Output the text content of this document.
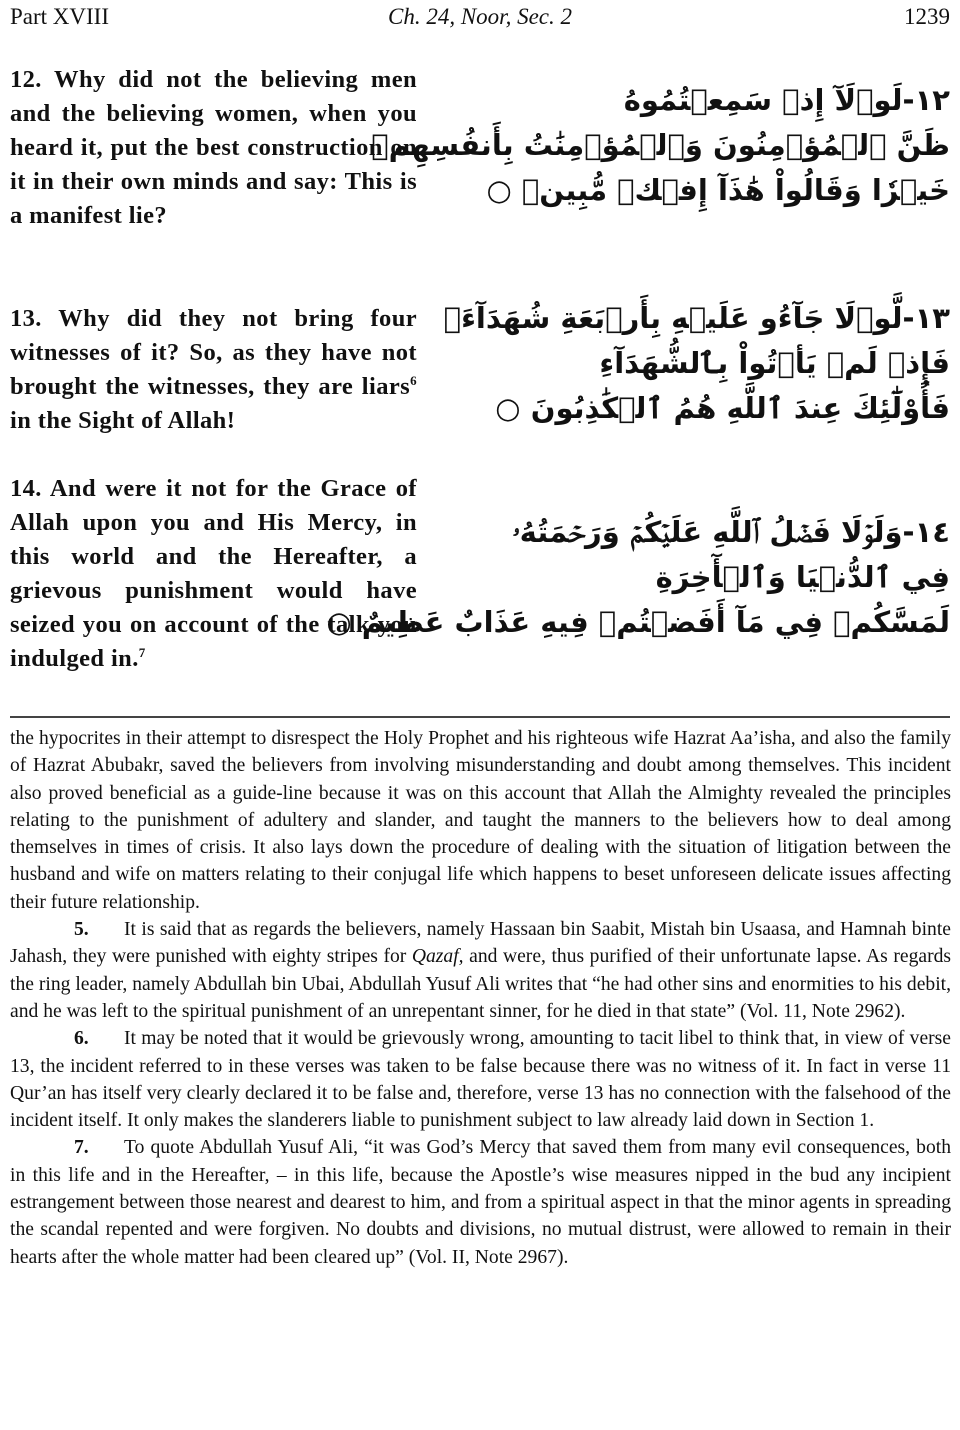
Part XVIII	Ch. 24, Noor, Sec. 2	1239
12. Why did not the believing men and the believing women, when you heard it, put the best construction on it in their own minds and say: This is a manifest lie?
١٢-لَوۡلَآ إِذۡ سَمِعۡتُمُوهُ
ظَنَّ ٱلۡمُؤۡمِنُونَ وَٱلۡمُؤۡمِنَٰتُ بِأَنفُسِهِمۡ
خَيۡرٗا وَقَالُواْ هَٰذَآ إِفۡكٞ مُّبِينٞ ○
13. Why did they not bring four witnesses of it? So, as they have not brought the witnesses, they are liars$^6$ in the Sight of Allah!
١٣-لَّوۡلَا جَآءُو عَلَيۡهِ بِأَرۡبَعَةِ شُهَدَآءَۚ
فَإِذۡ لَمۡ يَأۡتُواْ بِٱلشُّهَدَآءِ
فَأُوْلَٰٓئِكَ عِندَ ٱللَّهِ هُمُ ٱلۡكَٰذِبُونَ ○
14. And were it not for the Grace of Allah upon you and His Mercy, in this world and the Hereafter, a grievous punishment would have seized you on account of the talk you indulged in.$^7$
١٤-وَلَوۡلَا فَضۡلُ ٱللَّهِ عَلَيۡكُمۡ وَرَحۡمَتُهُۥ
فِي ٱلدُّنۡيَا وَٱلۡأٓخِرَةِ
لَمَسَّكُمۡ فِي مَآ أَفَضۡتُمۡ فِيهِ عَذَابٌ عَظِيمٌ ○

the hypocrites in their attempt to disrespect the Holy Prophet and his righteous wife Hazrat Aa’isha, and also the family of Hazrat Abubakr, saved the believers from involving misunderstanding and doubt among themselves. This incident also proved beneficial as a guide-line because it was on this account that Allah the Almighty revealed the principles relating to the punishment of adultery and slander, and taught the manners to the believers how to deal among themselves in times of crisis. It also lays down the procedure of dealing with the situation of litigation between the husband and wife on matters relating to their conjugal life which happens to beset unforeseen delicate issues affecting their future relationship.

5. It is said that as regards the believers, namely Hassaan bin Saabit, Mistah bin Usaasa, and Hamnah binte Jahash, they were punished with eighty stripes for Qazaf, and were, thus purified of their unfortunate lapse. As regards the ring leader, namely Abdullah bin Ubai, Abdullah Yusuf Ali writes that “he had other sins and enormities to his debit, and he was left to the spiritual punishment of an unrepentant sinner, for he died in that state” (Vol. 11, Note 2962).

6. It may be noted that it would be grievously wrong, amounting to tacit libel to think that, in view of verse 13, the incident referred to in these verses was taken to be false because there was no witness of it. In fact in verse 11 Qur’an has itself very clearly declared it to be false and, therefore, verse 13 has no connection with the falsehood of the incident itself. It only makes the slanderers liable to punishment subject to law already laid down in Section 1.

7. To quote Abdullah Yusuf Ali, “it was God’s Mercy that saved them from many evil consequences, both in this life and in the Hereafter, – in this life, because the Apostle’s wise measures nipped in the bud any incipient estrangement between those nearest and dearest to him, and from a spiritual aspect in that the minor agents in spreading the scandal repented and were forgiven. No doubts and divisions, no mutual distrust, were allowed to remain in their hearts after the whole matter had been cleared up” (Vol. II, Note 2967).
